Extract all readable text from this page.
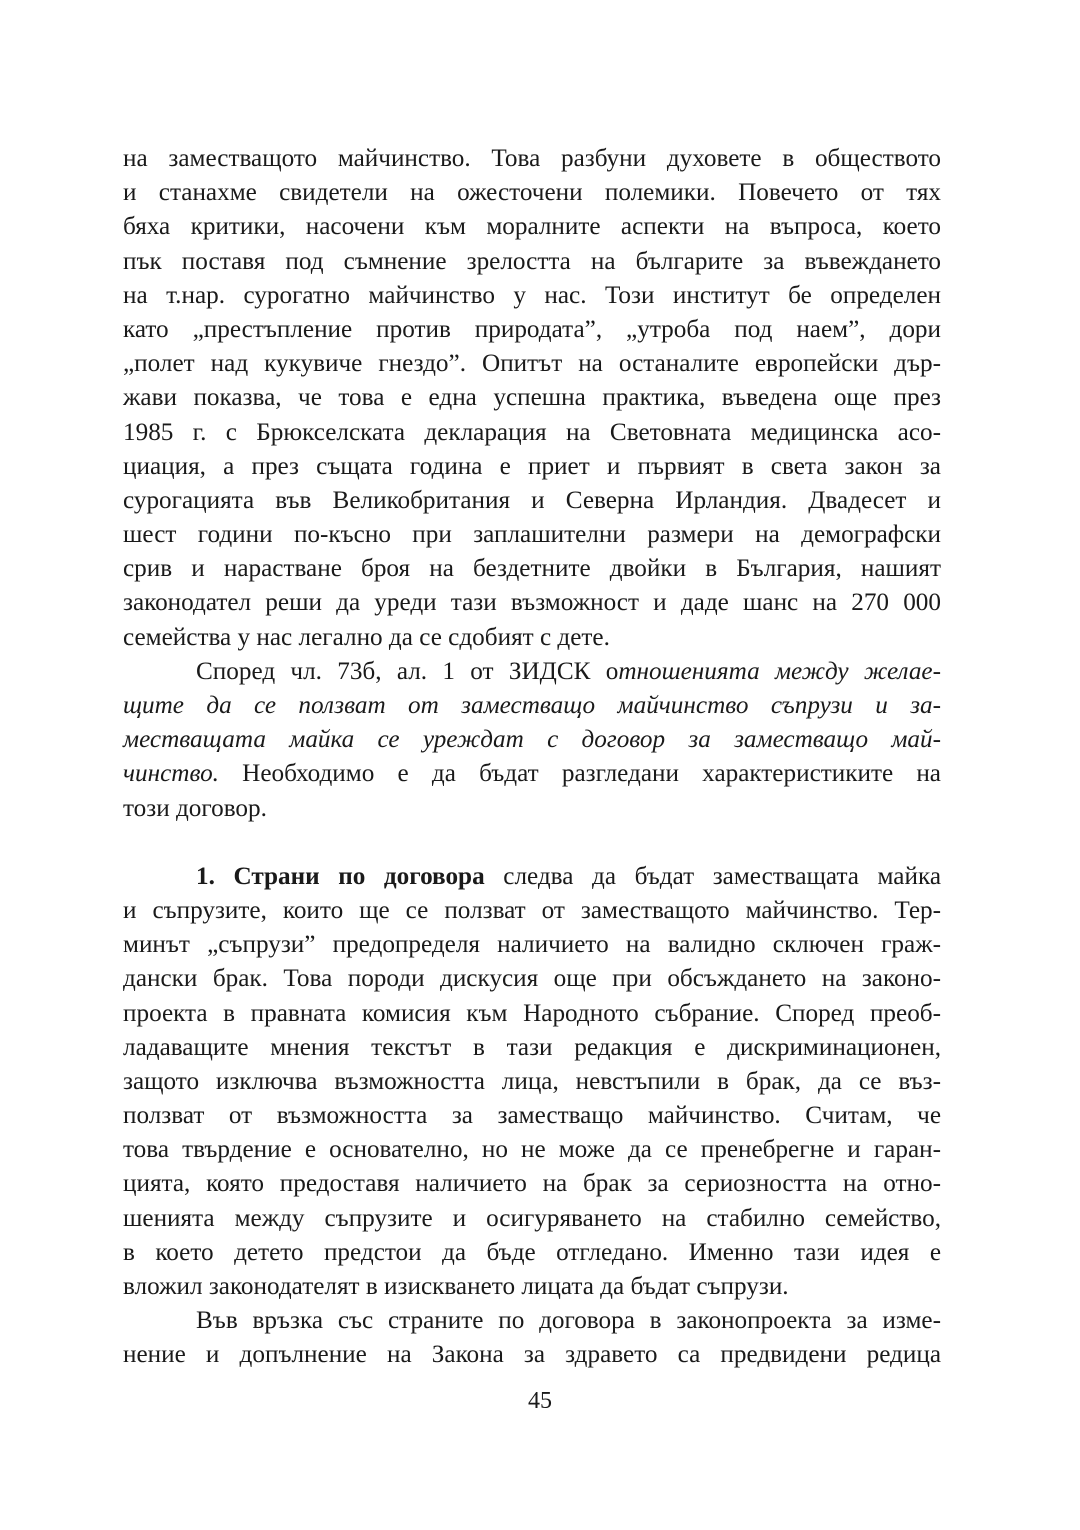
на заместващото майчинство. Това разбуни духовете в обществото
и станахме свидетели на ожесточени полемики. Повечето от тях
бяха критики, насочени към моралните аспекти на въпроса, което
пък поставя под съмнение зрелостта на българите за въвеждането
на т.нар. сурогатно майчинство у нас. Този институт бе определен
като „престъпление против природата”, „утроба под наем”, дори
„полет над кукувиче гнездо”. Опитът на останалите европейски дър-
жави показва, че това е една успешна практика, въведена още през
1985 г. с Брюкселската декларация на Световната медицинска асо-
циация, а през същата година е приет и първият в света закон за
сурогацията във Великобритания и Северна Ирландия. Двадесет и
шест години по-късно при заплашителни размери на демографски
срив и нарастване броя на бездетните двойки в България, нашият
законодател реши да уреди тази възможност и даде шанс на 270 000
семейства у нас легално да се сдобият с дете.
Според чл. 73б, ал. 1 от ЗИДСК отношенията между желае-
щите да се ползват от заместващо майчинство съпрузи и за-
местващата майка се уреждат с договор за заместващо май-
чинство. Необходимо е да бъдат разгледани характеристиките на
този договор.
1. Страни по договора следва да бъдат заместващата майка
и съпрузите, които ще се ползват от заместващото майчинство. Тер-
минът „съпрузи” предопределя наличието на валидно сключен граж-
дански брак. Това породи дискусия още при обсъждането на законо-
проекта в правната комисия към Народното събрание. Според преоб-
ладаващите мнения текстът в тази редакция е дискриминационен,
защото изключва възможността лица, невстъпили в брак, да се въз-
ползват от възможността за заместващо майчинство. Считам, че
това твърдение е основателно, но не може да се пренебрегне и гаран-
цията, която предоставя наличието на брак за сериозността на отно-
шенията между съпрузите и осигуряването на стабилно семейство,
в което детето предстои да бъде отгледано. Именно тази идея е
вложил законодателят в изискването лицата да бъдат съпрузи.
Във връзка със страните по договора в законопроекта за изме-
нение и допълнение на Закона за здравето са предвидени редица
45
